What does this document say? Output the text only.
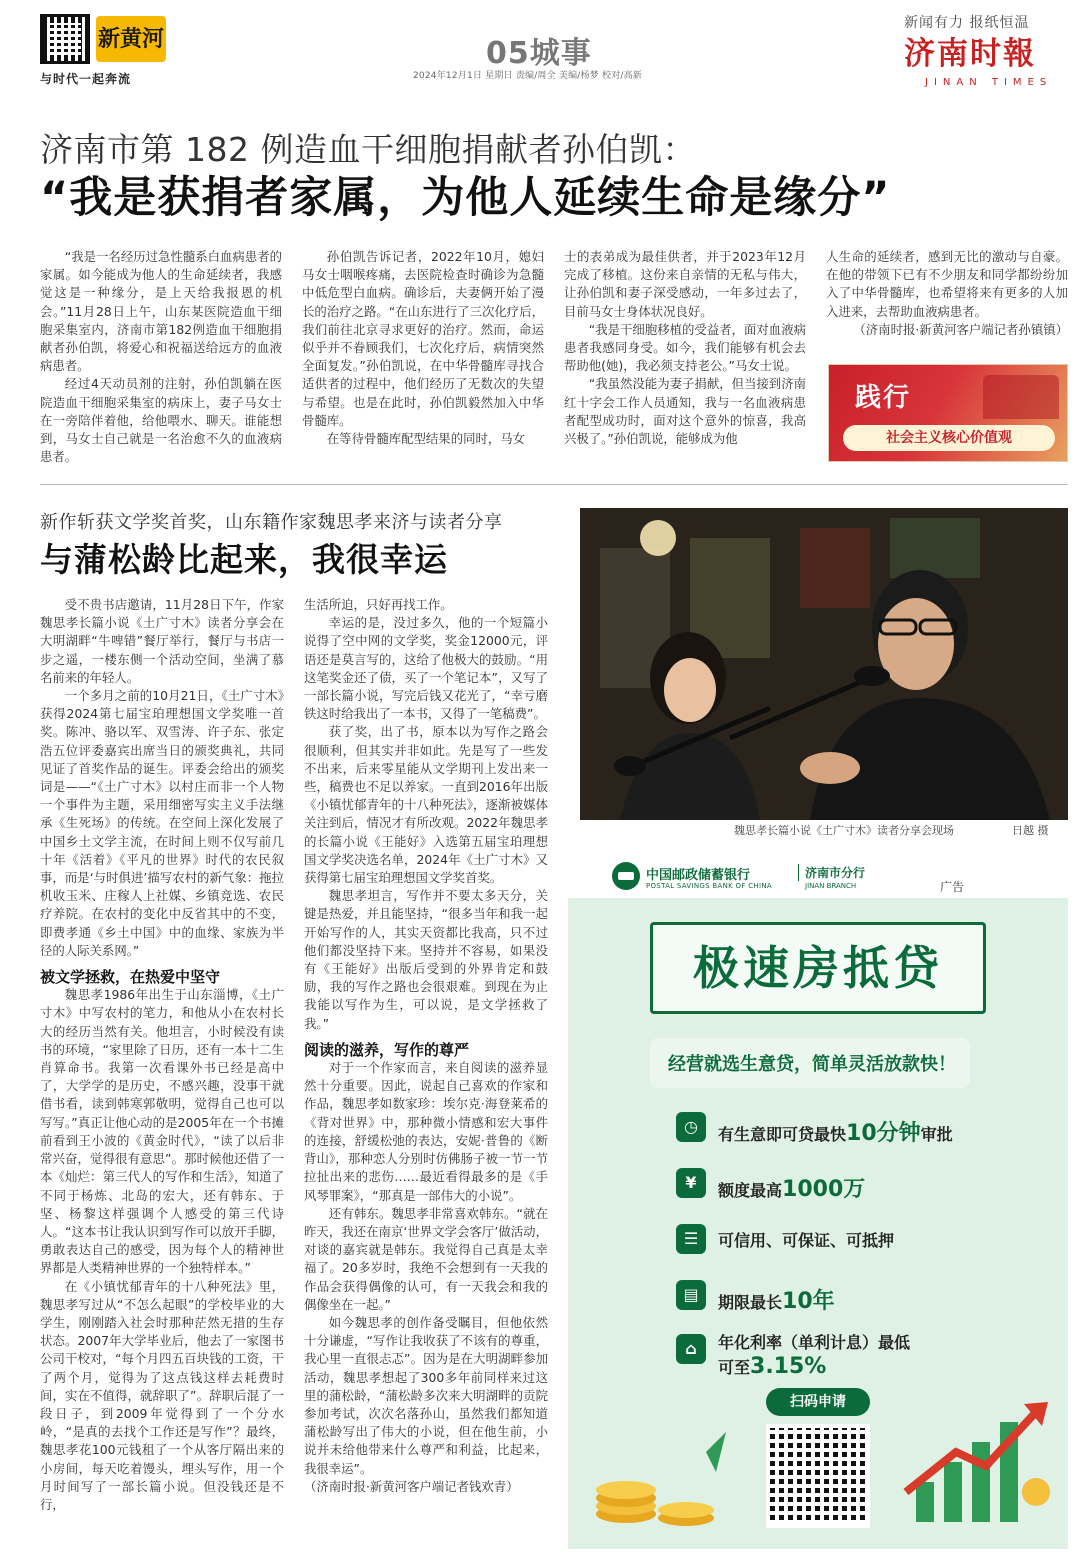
新黄河
与时代一起奔流
05城事
2024年12月1日 星期日 责编/周全 美编/杨梦 校对/高新
新闻有力 报纸恒温
济南时報
JINAN TIMES
济南市第 182 例造血干细胞捐献者孙伯凯：
“我是获捐者家属，为他人延续生命是缘分”

“我是一名经历过急性髓系白血病患者的家属。如今能成为他人的生命延续者，我感觉这是一种缘分，是上天给我报恩的机会。”11月28日上午，山东某医院造血干细胞采集室内，济南市第182例造血干细胞捐献者孙伯凯，将爱心和祝福送给远方的血液病患者。

经过4天动员剂的注射，孙伯凯躺在医院造血干细胞采集室的病床上，妻子马女士在一旁陪伴着他，给他喂水、聊天。谁能想到，马女士自己就是一名治愈不久的血液病患者。

孙伯凯告诉记者，2022年10月，媳妇马女士咽喉疼痛，去医院检查时确诊为急髓中低危型白血病。确诊后，夫妻俩开始了漫长的治疗之路。“在山东进行了三次化疗后，我们前往北京寻求更好的治疗。然而，命运似乎并不眷顾我们，七次化疗后，病情突然全面复发。”孙伯凯说，在中华骨髓库寻找合适供者的过程中，他们经历了无数次的失望与希望。也是在此时，孙伯凯毅然加入中华骨髓库。

在等待骨髓库配型结果的同时，马女

士的表弟成为最佳供者，并于2023年12月完成了移植。这份来自亲情的无私与伟大，让孙伯凯和妻子深受感动，一年多过去了，目前马女士身体状况良好。

“我是干细胞移植的受益者，面对血液病患者我感同身受。如今，我们能够有机会去帮助他(她)，我必须支持老公。”马女士说。

“我虽然没能为妻子捐献，但当接到济南红十字会工作人员通知，我与一名血液病患者配型成功时，面对这个意外的惊喜，我高兴极了。”孙伯凯说，能够成为他

人生命的延续者，感到无比的激动与自豪。在他的带领下已有不少朋友和同学都纷纷加入了中华骨髓库，也希望将来有更多的人加入进来，去帮助血液病患者。

（济南时报·新黄河客户端记者孙镇镇）

践行
社会主义核心价值观
新作斩获文学奖首奖，山东籍作家魏思孝来济与读者分享
与蒲松龄比起来，我很幸运

受不贵书店邀请，11月28日下午，作家魏思孝长篇小说《土广寸木》读者分享会在大明湖畔“牛啤错”餐厅举行，餐厅与书店一步之遥，一楼东侧一个活动空间，坐满了慕名前来的年轻人。

一个多月之前的10月21日，《土广寸木》获得2024第七届宝珀理想国文学奖唯一首奖。陈冲、骆以军、双雪涛、许子东、张定浩五位评委嘉宾出席当日的颁奖典礼，共同见证了首奖作品的诞生。评委会给出的颁奖词是——“《土广寸木》以村庄而非一个人物一个事件为主题，采用细密写实主义手法继承《生死场》的传统。在空间上深化发展了中国乡土文学主流，在时间上则不仅写前几十年《活着》《平凡的世界》时代的农民叙事，而是‘与时俱进’描写农村的新气象：拖拉机收玉米、庄稼人上社媒、乡镇竞选、农民疗养院。在农村的变化中反省其中的不变，即费孝通《乡土中国》中的血缘、家族为半径的人际关系网。”

被文学拯救，在热爱中坚守

魏思孝1986年出生于山东淄博，《土广寸木》中写农村的笔力，和他从小在农村长大的经历当然有关。他坦言，小时候没有读书的环境，“家里除了日历，还有一本十二生肖算命书。我第一次看课外书已经是高中了，大学学的是历史，不感兴趣，没事干就借书看，读到韩寒郭敬明，觉得自己也可以写写。”真正让他心动的是2005年在一个书摊前看到王小波的《黄金时代》，“读了以后非常兴奋，觉得很有意思”。那时候他还借了一本《灿烂：第三代人的写作和生活》，知道了不同于杨炼、北岛的宏大，还有韩东、于坚、杨黎这样强调个人感受的第三代诗人。“这本书让我认识到写作可以放开手脚，勇敢表达自己的感受，因为每个人的精神世界都是人类精神世界的一个独特样本。”

在《小镇忧郁青年的十八种死法》里，魏思孝写过从“不怎么起眼”的学校毕业的大学生，刚刚踏入社会时那种茫然无措的生存状态。2007年大学毕业后，他去了一家图书公司干校对，“每个月四五百块钱的工资，干了两个月，觉得为了这点钱这样去耗费时间，实在不值得，就辞职了”。辞职后混了一段日子，到2009年觉得到了一个分水岭，“是真的去找个工作还是写作”？最终，魏思孝花100元钱租了一个从客厅隔出来的小房间，每天吃着馒头，埋头写作，用一个月时间写了一部长篇小说。但没钱还是不行，

生活所迫，只好再找工作。

幸运的是，没过多久，他的一个短篇小说得了空中网的文学奖，奖金12000元，评语还是莫言写的，这给了他极大的鼓励。“用这笔奖金还了债，买了一个笔记本”，又写了一部长篇小说，写完后钱又花光了，“幸亏磨铁这时给我出了一本书，又得了一笔稿费”。

获了奖，出了书，原本以为写作之路会很顺利，但其实并非如此。先是写了一些发不出来，后来零星能从文学期刊上发出来一些，稿费也不足以养家。一直到2016年出版《小镇忧郁青年的十八种死法》，逐渐被媒体关注到后，情况才有所改观。2022年魏思孝的长篇小说《王能好》入选第五届宝珀理想国文学奖决选名单，2024年《土广寸木》又获得第七届宝珀理想国文学奖首奖。

魏思孝坦言，写作并不要太多天分，关键是热爱，并且能坚持，“很多当年和我一起开始写作的人，其实天资都比我高，只不过他们都没坚持下来。坚持并不容易，如果没有《王能好》出版后受到的外界肯定和鼓励，我的写作之路也会很艰难。到现在为止我能以写作为生，可以说，是文学拯救了我。”

阅读的滋养，写作的尊严

对于一个作家而言，来自阅读的滋养显然十分重要。因此，说起自己喜欢的作家和作品，魏思孝如数家珍：埃尔克·海登莱希的《背对世界》中，那种微小情感和宏大事件的连接，舒缓松弛的表达，安妮·普鲁的《断背山》，那种恋人分别时仿佛肠子被一节一节拉扯出来的悲伤……最近看得最多的是《手风琴罪案》，“那真是一部伟大的小说”。

还有韩东。魏思孝非常喜欢韩东。“就在昨天，我还在南京‘世界文学会客厅’做活动，对谈的嘉宾就是韩东。我觉得自己真是太幸福了。20多岁时，我绝不会想到有一天我的作品会获得偶像的认可，有一天我会和我的偶像坐在一起。”

如今魏思孝的创作备受瞩目，但他依然十分谦虚，“写作让我收获了不该有的尊重，我心里一直很忐忑”。因为是在大明湖畔参加活动，魏思孝想起了300多年前同样来过这里的蒲松龄，“蒲松龄多次来大明湖畔的贡院参加考试，次次名落孙山，虽然我们都知道蒲松龄写出了伟大的小说，但在他生前，小说并未给他带来什么尊严和利益，比起来，我很幸运”。

（济南时报·新黄河客户端记者钱欢青）

魏思孝长篇小说《土广寸木》读者分享会现场	日越 摄
中国邮政储蓄银行
POSTAL SAVINGS BANK OF CHINA
济南市分行
JINAN BRANCH	广告
极速房抵贷
经营就选生意贷，简单灵活放款快！
◷	有生意即可贷最快10分钟审批
¥	额度最高1000万
☰	可信用、可保证、可抵押
▤	期限最长10年
⌂	年化利率（单利计息）最低
可至3.15%
扫码申请
